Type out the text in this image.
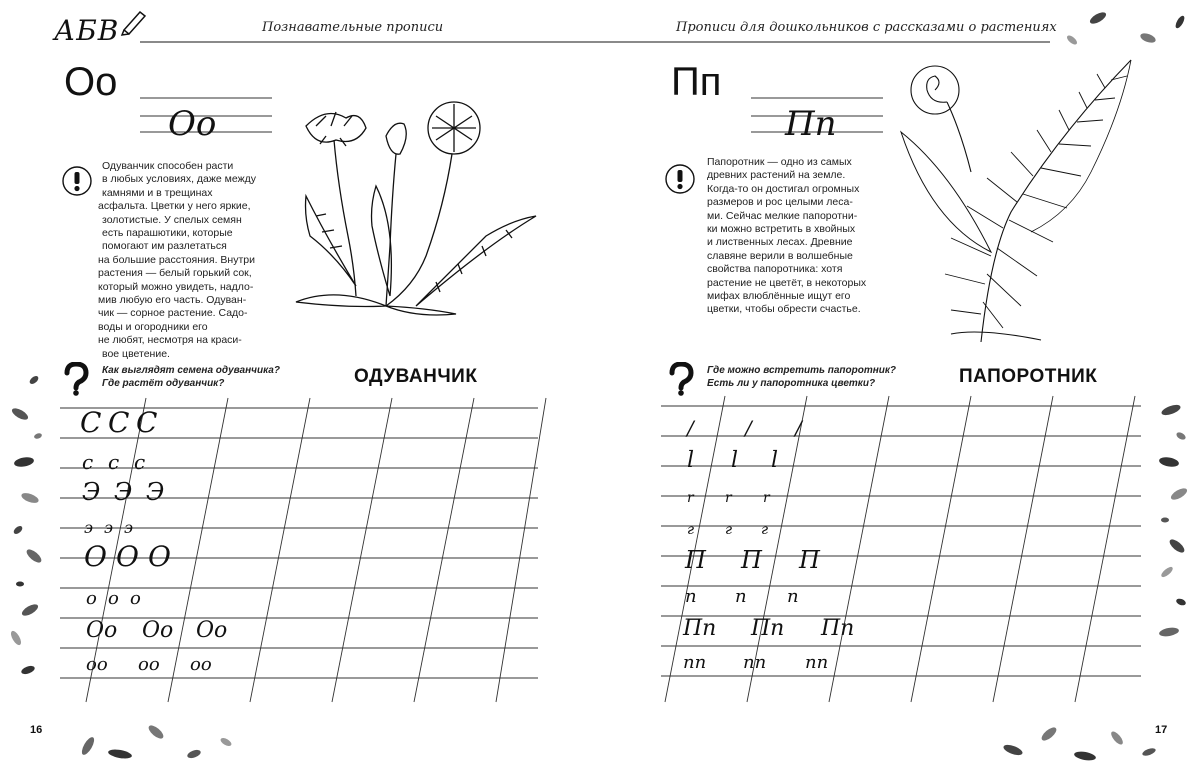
АБВ	Познавательные прописи	Прописи для дошкольников с рассказами о растениях
Оо
Оо
Одуванчик способен расти
в любых условиях, даже между
камнями и в трещинах
асфальта. Цветки у него яркие,
золотистые. У спелых семян
есть парашютики, которые
помогают им разлетаться
на большие расстояния. Внутри
растения — белый горький сок,
который можно увидеть, надло-
мив любую его часть. Одуван-
чик — сорное растение. Садо-
воды и огородники его
не любят, несмотря на краси-
вое цветение.
Как выглядят семена одуванчика?
Где растёт одуванчик?	ОДУВАНЧИК
C C C
c c c
Э Э Э
э э э
O O O
o o o
Oo Oo Oo
oo oo oo
16
Пп
Пп
Папоротник — одно из самых
древних растений на земле.
Когда-то он достигал огромных
размеров и рос целыми леса-
ми. Сейчас мелкие папоротни-
ки можно встретить в хвойных
и лиственных лесах. Древние
славяне верили в волшебные
свойства папоротника: хотя
растение не цветёт, в некоторых
мифах влюблённые ищут его
цветки, чтобы обрести счастье.
Где можно встретить папоротник?
Есть ли у папоротника цветки?	ПАПОРОТНИК
/	/ /
l l l
r r r
г г г
П П П
п п п
Пп Пп Пп
пп пп пп
17
